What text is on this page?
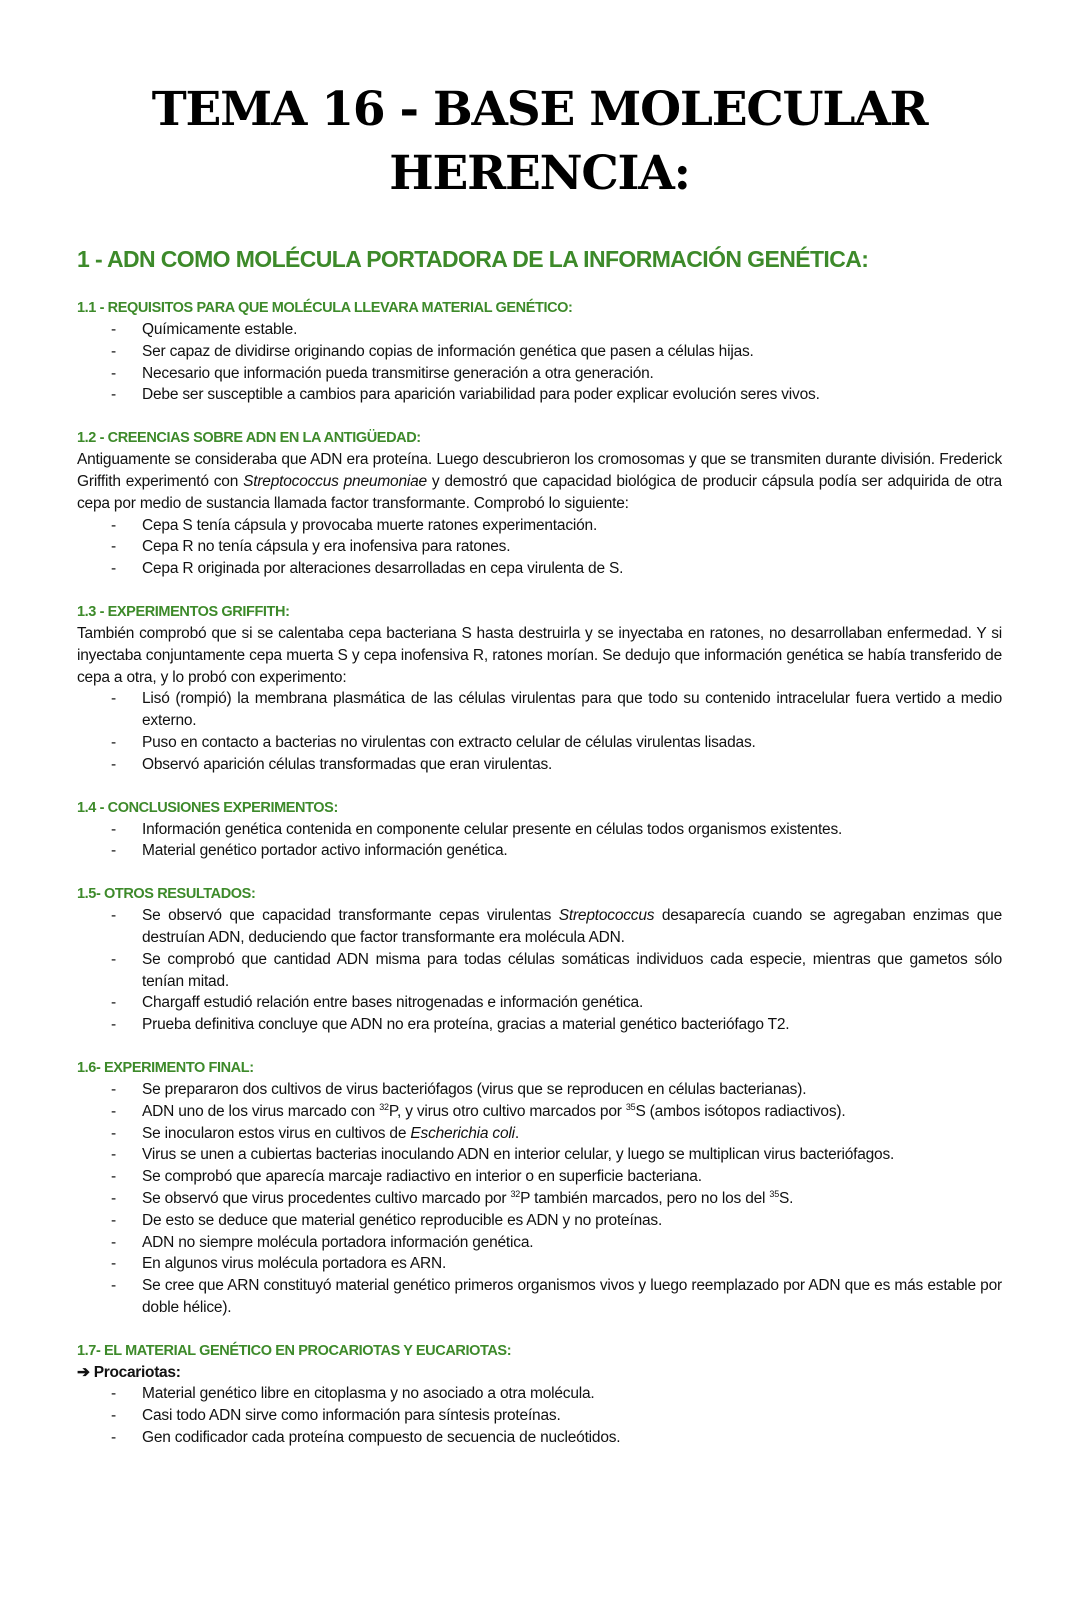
TEMA 16 - BASE MOLECULAR HERENCIA:
1 - ADN COMO MOLÉCULA PORTADORA DE LA INFORMACIÓN GENÉTICA:
1.1 - REQUISITOS PARA QUE MOLÉCULA LLEVARA MATERIAL GENÉTICO:
- Químicamente estable.
- Ser capaz de dividirse originando copias de información genética que pasen a células hijas.
- Necesario que información pueda transmitirse generación a otra generación.
- Debe ser susceptible a cambios para aparición variabilidad para poder explicar evolución seres vivos.
1.2 - CREENCIAS SOBRE ADN EN LA ANTIGÜEDAD:

Antiguamente se consideraba que ADN era proteína. Luego descubrieron los cromosomas y que se transmiten durante división. Frederick Griffith experimentó con Streptococcus pneumoniae y demostró que capacidad biológica de producir cápsula podía ser adquirida de otra cepa por medio de sustancia llamada factor transformante. Comprobó lo siguiente:

- Cepa S tenía cápsula y provocaba muerte ratones experimentación.
- Cepa R no tenía cápsula y era inofensiva para ratones.
- Cepa R originada por alteraciones desarrolladas en cepa virulenta de S.
1.3 - EXPERIMENTOS GRIFFITH:

También comprobó que si se calentaba cepa bacteriana S hasta destruirla y se inyectaba en ratones, no desarrollaban enfermedad. Y si inyectaba conjuntamente cepa muerta S y cepa inofensiva R, ratones morían. Se dedujo que información genética se había transferido de cepa a otra, y lo probó con experimento:

- Lisó (rompió) la membrana plasmática de las células virulentas para que todo su contenido intracelular fuera vertido a medio externo.
- Puso en contacto a bacterias no virulentas con extracto celular de células virulentas lisadas.
- Observó aparición células transformadas que eran virulentas.
1.4 - CONCLUSIONES EXPERIMENTOS:
- Información genética contenida en componente celular presente en células todos organismos existentes.
- Material genético portador activo información genética.
1.5- OTROS RESULTADOS:
- Se observó que capacidad transformante cepas virulentas Streptococcus desaparecía cuando se agregaban enzimas que destruían ADN, deduciendo que factor transformante era molécula ADN.
- Se comprobó que cantidad ADN misma para todas células somáticas individuos cada especie, mientras que gametos sólo tenían mitad.
- Chargaff estudió relación entre bases nitrogenadas e información genética.
- Prueba definitiva concluye que ADN no era proteína, gracias a material genético bacteriófago T2.
1.6- EXPERIMENTO FINAL:
- Se prepararon dos cultivos de virus bacteriófagos (virus que se reproducen en células bacterianas).
- ADN uno de los virus marcado con $^{32}$P, y virus otro cultivo marcados por $^{35}$S (ambos isótopos radiactivos).
- Se inocularon estos virus en cultivos de Escherichia coli.
- Virus se unen a cubiertas bacterias inoculando ADN en interior celular, y luego se multiplican virus bacteriófagos.
- Se comprobó que aparecía marcaje radiactivo en interior o en superficie bacteriana.
- Se observó que virus procedentes cultivo marcado por $^{32}$P también marcados, pero no los del $^{35}$S.
- De esto se deduce que material genético reproducible es ADN y no proteínas.
- ADN no siempre molécula portadora información genética.
- En algunos virus molécula portadora es ARN.
- Se cree que ARN constituyó material genético primeros organismos vivos y luego reemplazado por ADN que es más estable por doble hélice).
1.7- EL MATERIAL GENÉTICO EN PROCARIOTAS Y EUCARIOTAS:
➔ Procariotas:
- Material genético libre en citoplasma y no asociado a otra molécula.
- Casi todo ADN sirve como información para síntesis proteínas.
- Gen codificador cada proteína compuesto de secuencia de nucleótidos.
